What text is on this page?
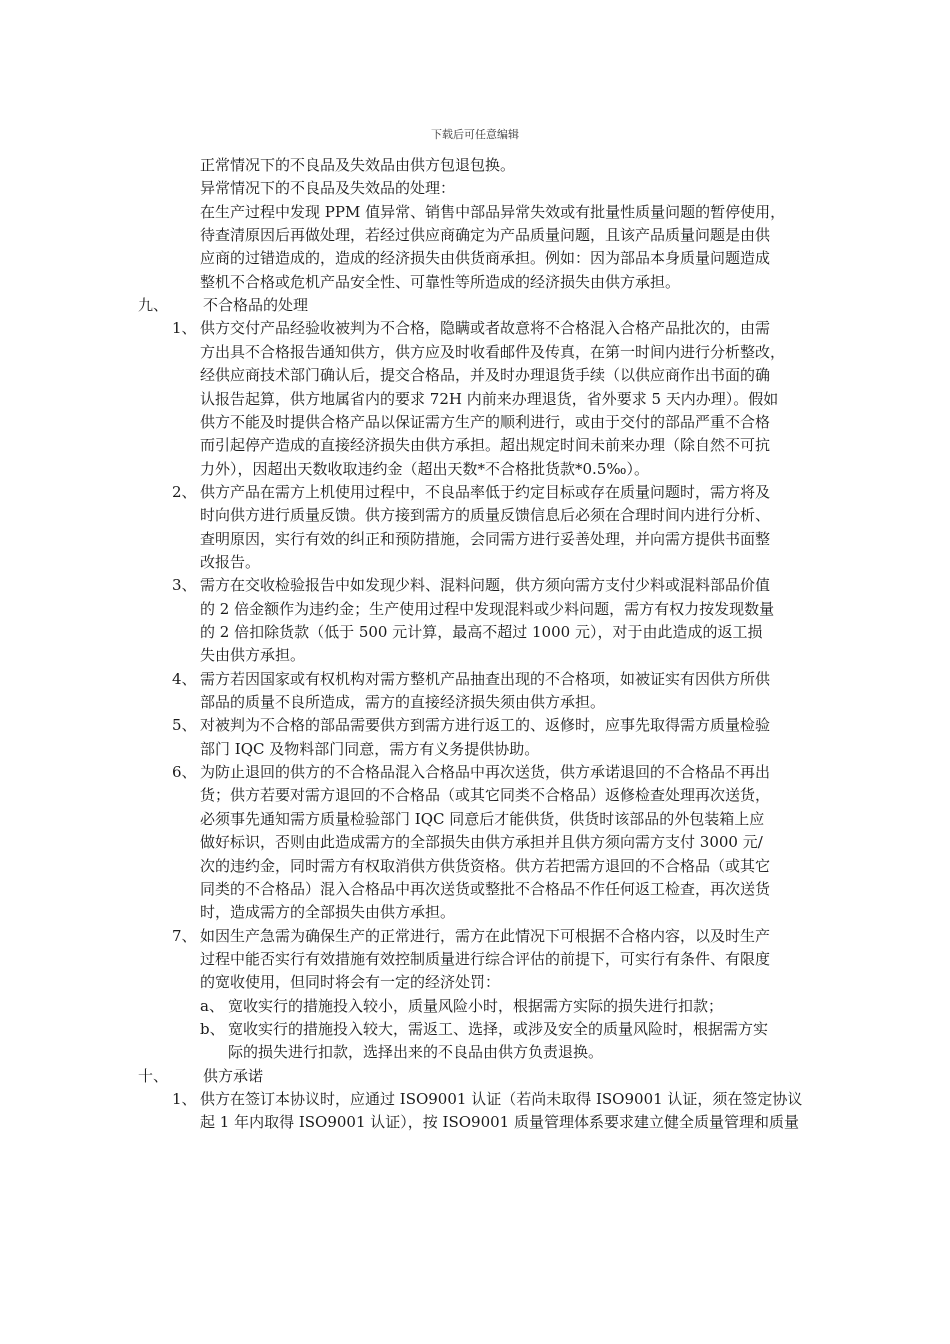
下载后可任意编辑
正常情况下的不良品及失效品由供方包退包换。
异常情况下的不良品及失效品的处理：
在生产过程中发现 PPM 值异常、销售中部品异常失效或有批量性质量问题的暂停使用，
待查清原因后再做处理，若经过供应商确定为产品质量问题，且该产品质量问题是由供
应商的过错造成的，造成的经济损失由供货商承担。例如：因为部品本身质量问题造成
整机不合格或危机产品安全性、可靠性等所造成的经济损失由供方承担。
不合格品的处理
供方交付产品经验收被判为不合格，隐瞒或者故意将不合格混入合格产品批次的，由需
方出具不合格报告通知供方，供方应及时收看邮件及传真，在第一时间内进行分析整改，
经供应商技术部门确认后，提交合格品，并及时办理退货手续（以供应商作出书面的确
认报告起算，供方地属省内的要求 72H 内前来办理退货，省外要求 5 天内办理）。假如
供方不能及时提供合格产品以保证需方生产的顺利进行，或由于交付的部品严重不合格
而引起停产造成的直接经济损失由供方承担。超出规定时间未前来办理（除自然不可抗
力外），因超出天数收取违约金（超出天数*不合格批货款*0.5‰）。
供方产品在需方上机使用过程中，不良品率低于约定目标或存在质量问题时，需方将及
时向供方进行质量反馈。供方接到需方的质量反馈信息后必须在合理时间内进行分析、
查明原因，实行有效的纠正和预防措施，会同需方进行妥善处理，并向需方提供书面整
改报告。
需方在交收检验报告中如发现少料、混料问题，供方须向需方支付少料或混料部品价值
的 2 倍金额作为违约金；生产使用过程中发现混料或少料问题，需方有权力按发现数量
的 2 倍扣除货款（低于 500 元计算，最高不超过 1000 元），对于由此造成的返工损
失由供方承担。
需方若因国家或有权机构对需方整机产品抽查出现的不合格项，如被证实有因供方所供
部品的质量不良所造成，需方的直接经济损失须由供方承担。
对被判为不合格的部品需要供方到需方进行返工的、返修时，应事先取得需方质量检验
部门 IQC 及物料部门同意，需方有义务提供协助。
为防止退回的供方的不合格品混入合格品中再次送货，供方承诺退回的不合格品不再出
货；供方若要对需方退回的不合格品（或其它同类不合格品）返修检查处理再次送货，
必须事先通知需方质量检验部门 IQC 同意后才能供货，供货时该部品的外包装箱上应
做好标识，否则由此造成需方的全部损失由供方承担并且供方须向需方支付 3000 元/
次的违约金，同时需方有权取消供方供货资格。供方若把需方退回的不合格品（或其它
同类的不合格品）混入合格品中再次送货或整批不合格品不作任何返工检查，再次送货
时，造成需方的全部损失由供方承担。
如因生产急需为确保生产的正常进行，需方在此情况下可根据不合格内容，以及时生产
过程中能否实行有效措施有效控制质量进行综合评估的前提下，可实行有条件、有限度
的宽收使用，但同时将会有一定的经济处罚：
宽收实行的措施投入较小，质量风险小时，根据需方实际的损失进行扣款；
宽收实行的措施投入较大，需返工、选择，或涉及安全的质量风险时，根据需方实
际的损失进行扣款，选择出来的不良品由供方负责退换。
供方承诺
供方在签订本协议时，应通过 ISO9001 认证（若尚未取得 ISO9001 认证，须在签定协议
起 1 年内取得 ISO9001 认证），按 ISO9001 质量管理体系要求建立健全质量管理和质量
九、
1、
2、
3、
4、
5、
6、
7、
a、
b、
十、
1、
